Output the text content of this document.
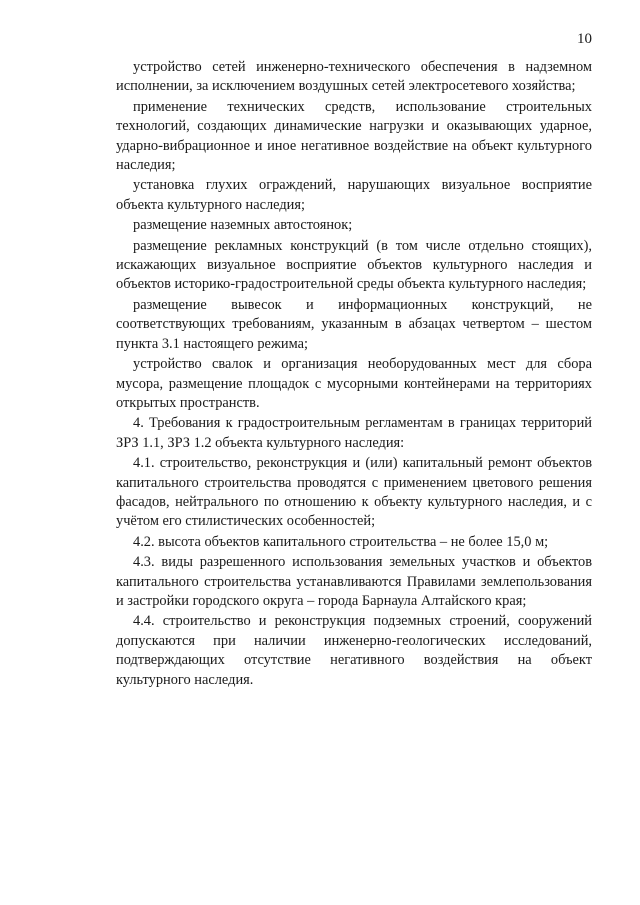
10

устройство сетей инженерно-технического обеспечения в надземном исполнении, за исключением воздушных сетей электросетевого хозяйства;

применение технических средств, использование строительных технологий, создающих динамические нагрузки и оказывающих ударное, ударно-вибрационное и иное негативное воздействие на объект культурного наследия;

установка глухих ограждений, нарушающих визуальное восприятие объекта культурного наследия;

размещение наземных автостоянок;

размещение рекламных конструкций (в том числе отдельно стоящих), искажающих визуальное восприятие объектов культурного наследия и объектов историко-градостроительной среды объекта культурного наследия;

размещение вывесок и информационных конструкций, не соответствующих требованиям, указанным в абзацах четвертом – шестом пункта 3.1 настоящего режима;

устройство свалок и организация необорудованных мест для сбора мусора, размещение площадок с мусорными контейнерами на территориях открытых пространств.

4. Требования к градостроительным регламентам в границах территорий ЗРЗ 1.1, ЗРЗ 1.2 объекта культурного наследия:

4.1. строительство, реконструкция и (или) капитальный ремонт объектов капитального строительства проводятся с применением цветового решения фасадов, нейтрального по отношению к объекту культурного наследия, и с учётом его стилистических особенностей;

4.2. высота объектов капитального строительства – не более 15,0 м;

4.3. виды разрешенного использования земельных участков и объектов капитального строительства устанавливаются Правилами землепользования и застройки городского округа – города Барнаула Алтайского края;

4.4. строительство и реконструкция подземных строений, сооружений допускаются при наличии инженерно-геологических исследований, подтверждающих отсутствие негативного воздействия на объект культурного наследия.
